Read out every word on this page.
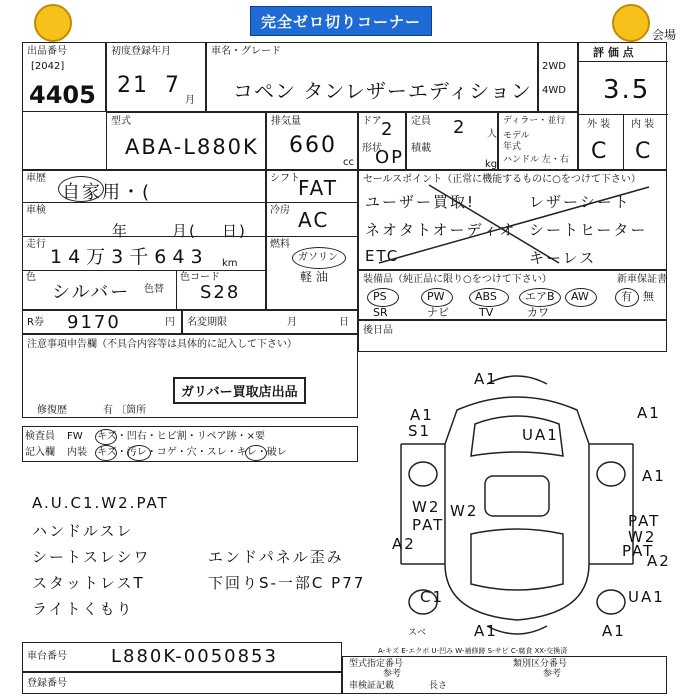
完全ゼロ切りコーナー
会場
出品番号
[2042]
4405
初度登録年月
21 7
月
車名・グレード
コペン タンレザーエディション
2WD
4WD
評 価 点
3.5
外 装 内 装
C C
型式
ABA-L880K
排気量
660
cc
ドア 2
形状
OP
定員 2 人
積載
kg
ディラー・並行
モデル年式
ハンドル 左・右
車歴
自家用・(
車検
年	月( 日)
走行
14万3千643 km
色
シルバー 色替
色コード
S28
シフト
FAT
冷房 AC
燃料
ガソリン
軽 油
セールスポイント（正常に機能するものに○をつけて下さい）
ユーザー買取!	レザーシート
ネオタトオーディオ シートヒーター
ETC	キーレス
装備品（純正品に限り○をつけて下さい）	新車保証書
PS	PW	ABS	エアB AW	有 無
SR	ナビ	TV	カワ
R券 9170	円 名変期限	月	日
後日品
注意事項申告欄（不具合内容等は具体的に記入して下さい）
ガリバー買取店出品
修復歴	有 〔箇所
検査員
記入欄
FW キズ・凹右・ヒビ割・リペア跡・×要
内装 キズ・汚レ・コゲ・穴・スレ・キレ・破レ
A.U.C1.W2.PAT
ハンドルスレ
シートスレシワ
スタットレスT
ライトくもり
エンドパネル歪み
下回りS-一部C P77
A1
A1
S1	UA1
A1
A1
W2 W2
PAT	PAT
W2
PAT
A2
A2
C1
A1
UA1
A1
スベ
A-キズ E-エクボ U-凹み W-補修跡 S-サビ C-腐食 XX-交換済
車台番号 L880K-0050853
登録番号
型式指定番号
参考
類別区分番号
参考
車検証記載	長さ
